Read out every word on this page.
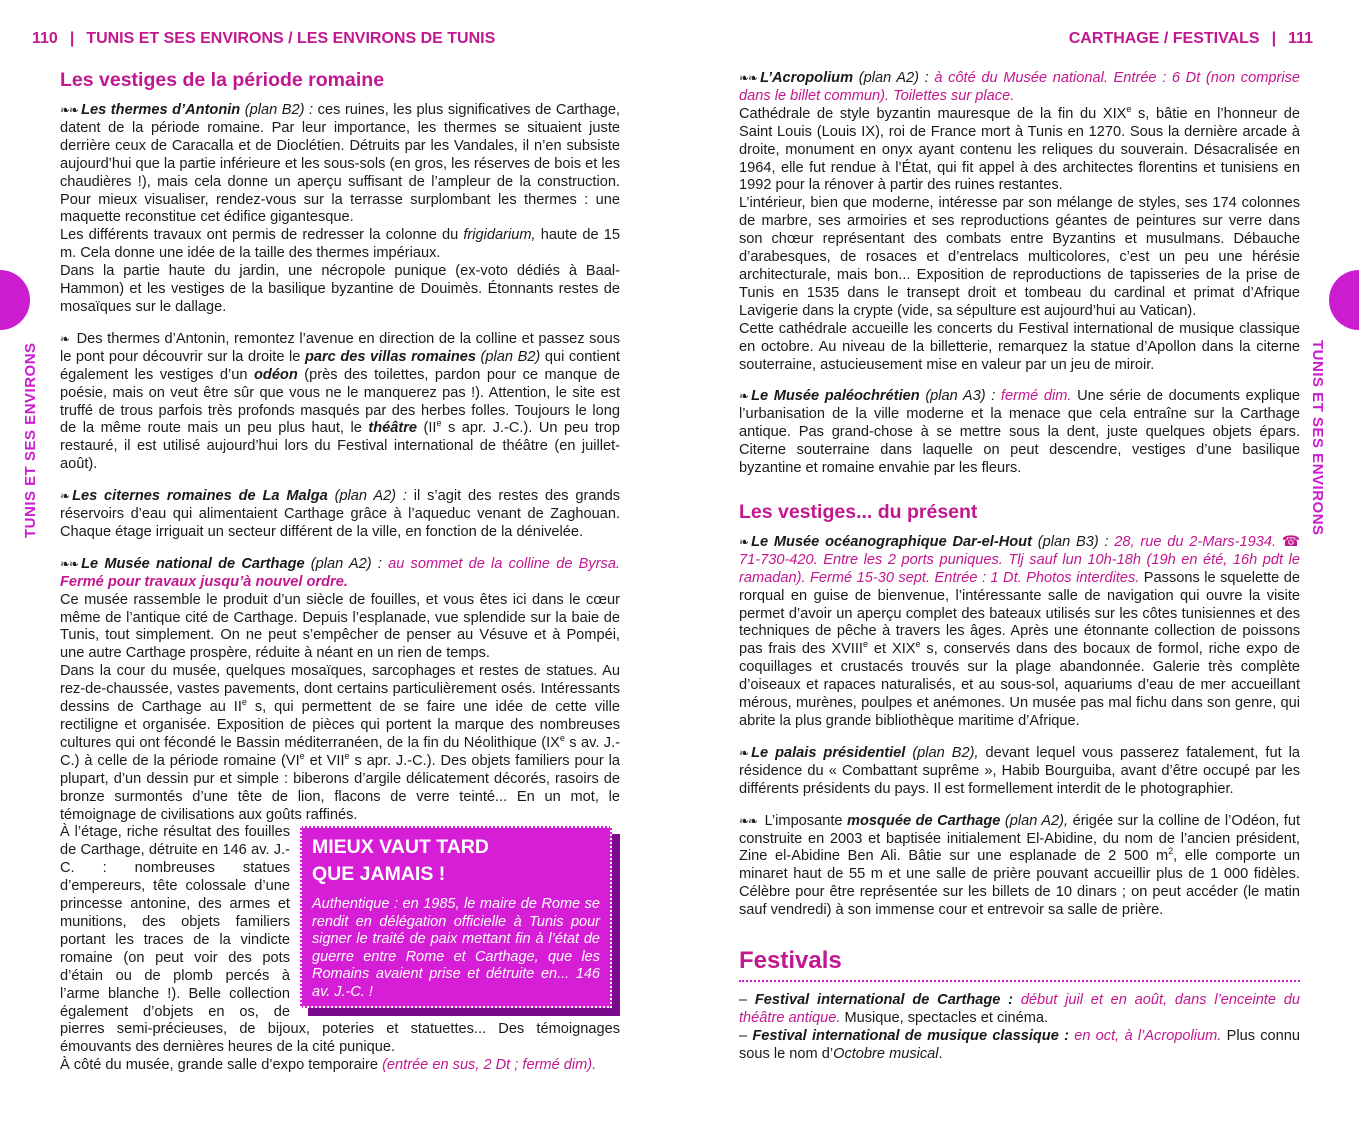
110 | TUNIS ET SES ENVIRONS / LES ENVIRONS DE TUNIS	CARTHAGE / FESTIVALS | 111
TUNIS ET SES ENVIRONS	TUNIS ET SES ENVIRONS
Les vestiges de la période romaine

❧❧ Les thermes d’Antonin (plan B2) : ces ruines, les plus significatives de Carthage, datent de la période romaine. Par leur importance, les thermes se situaient juste derrière ceux de Caracalla et de Dioclétien. Détruits par les Vandales, il n’en subsiste aujourd’hui que la partie inférieure et les sous-sols (en gros, les réserves de bois et les chaudières !), mais cela donne un aperçu suffisant de l’ampleur de la construction. Pour mieux visualiser, rendez-vous sur la terrasse surplombant les thermes : une maquette reconstitue cet édifice gigantesque.

Les différents travaux ont permis de redresser la colonne du frigidarium, haute de 15 m. Cela donne une idée de la taille des thermes impériaux.

Dans la partie haute du jardin, une nécropole punique (ex-voto dédiés à Baal-Hammon) et les vestiges de la basilique byzantine de Douimès. Étonnants restes de mosaïques sur le dallage.

❧ Des thermes d’Antonin, remontez l’avenue en direction de la colline et passez sous le pont pour découvrir sur la droite le parc des villas romaines (plan B2) qui contient également les vestiges d’un odéon (près des toilettes, pardon pour ce manque de poésie, mais on veut être sûr que vous ne le manquerez pas !). Attention, le site est truffé de trous parfois très profonds masqués par des herbes folles. Toujours le long de la même route mais un peu plus haut, le théâtre (IIe s apr. J.-C.). Un peu trop restauré, il est utilisé aujourd’hui lors du Festival international de théâtre (en juillet-août).

❧ Les citernes romaines de La Malga (plan A2) : il s’agit des restes des grands réservoirs d’eau qui alimentaient Carthage grâce à l’aqueduc venant de Zaghouan. Chaque étage irriguait un secteur différent de la ville, en fonction de la dénivelée.

❧❧ Le Musée national de Carthage (plan A2) : au sommet de la colline de Byrsa. Fermé pour travaux jusqu’à nouvel ordre.

Ce musée rassemble le produit d’un siècle de fouilles, et vous êtes ici dans le cœur même de l’antique cité de Carthage. Depuis l’esplanade, vue splendide sur la baie de Tunis, tout simplement. On ne peut s’empêcher de penser au Vésuve et à Pompéi, une autre Carthage prospère, réduite à néant en un rien de temps.

Dans la cour du musée, quelques mosaïques, sarcophages et restes de statues. Au rez-de-chaussée, vastes pavements, dont certains particulièrement osés. Intéressants dessins de Carthage au IIe s, qui permettent de se faire une idée de cette ville rectiligne et organisée. Exposition de pièces qui portent la marque des nombreuses cultures qui ont fécondé le Bassin méditerranéen, de la fin du Néolithique (IXe s av. J.-C.) à celle de la période romaine (VIe et VIIe s apr. J.-C.). Des objets familiers pour la plupart, d’un dessin pur et simple : biberons d’argile délicatement décorés, rasoirs de bronze surmontés d’une tête de lion, flacons de verre teinté... En un mot, le témoignage de civilisations aux goûts raffinés.

MIEUX VAUT TARD
QUE JAMAIS !
Authentique : en 1985, le maire de Rome se rendit en délégation officielle à Tunis pour signer le traité de paix mettant fin à l’état de guerre entre Rome et Carthage, que les Romains avaient prise et détruite en... 146 av. J.-C. !

À l’étage, riche résultat des fouilles de Carthage, détruite en 146 av. J.-C. : nombreuses statues d’empereurs, tête colossale d’une princesse antonine, des armes et munitions, des objets familiers portant les traces de la vindicte romaine (on peut voir des pots d’étain ou de plomb percés à l’arme blanche !). Belle collection également d’objets en os, de pierres semi-précieuses, de bijoux, poteries et statuettes... Des témoignages émouvants des dernières heures de la cité punique.

À côté du musée, grande salle d’expo temporaire (entrée en sus, 2 Dt ; fermé dim).

❧❧ L’Acropolium (plan A2) : à côté du Musée national. Entrée : 6 Dt (non comprise dans le billet commun). Toilettes sur place.

Cathédrale de style byzantin mauresque de la fin du XIXe s, bâtie en l’honneur de Saint Louis (Louis IX), roi de France mort à Tunis en 1270. Sous la dernière arcade à droite, monument en onyx ayant contenu les reliques du souverain. Désacralisée en 1964, elle fut rendue à l’État, qui fit appel à des architectes florentins et tunisiens en 1992 pour la rénover à partir des ruines restantes.

L’intérieur, bien que moderne, intéresse par son mélange de styles, ses 174 colonnes de marbre, ses armoiries et ses reproductions géantes de peintures sur verre dans son chœur représentant des combats entre Byzantins et musulmans. Débauche d’arabesques, de rosaces et d’entrelacs multicolores, c’est un peu une hérésie architecturale, mais bon... Exposition de reproductions de tapisseries de la prise de Tunis en 1535 dans le transept droit et tombeau du cardinal et primat d’Afrique Lavigerie dans la crypte (vide, sa sépulture est aujourd’hui au Vatican).

Cette cathédrale accueille les concerts du Festival international de musique classique en octobre. Au niveau de la billetterie, remarquez la statue d’Apollon dans la citerne souterraine, astucieusement mise en valeur par un jeu de miroir.

❧ Le Musée paléochrétien (plan A3) : fermé dim. Une série de documents explique l’urbanisation de la ville moderne et la menace que cela entraîne sur la Carthage antique. Pas grand-chose à se mettre sous la dent, juste quelques objets épars. Citerne souterraine dans laquelle on peut descendre, vestiges d’une basilique byzantine et romaine envahie par les fleurs.

Les vestiges... du présent

❧ Le Musée océanographique Dar-el-Hout (plan B3) : 28, rue du 2-Mars-1934. ☎ 71-730-420. Entre les 2 ports puniques. Tlj sauf lun 10h-18h (19h en été, 16h pdt le ramadan). Fermé 15-30 sept. Entrée : 1 Dt. Photos interdites. Passons le squelette de rorqual en guise de bienvenue, l’intéressante salle de navigation qui ouvre la visite permet d’avoir un aperçu complet des bateaux utilisés sur les côtes tunisiennes et des techniques de pêche à travers les âges. Après une étonnante collection de poissons pas frais des XVIIIe et XIXe s, conservés dans des bocaux de formol, riche expo de coquillages et crustacés trouvés sur la plage abandonnée. Galerie très complète d’oiseaux et rapaces naturalisés, et au sous-sol, aquariums d’eau de mer accueillant mérous, murènes, poulpes et anémones. Un musée pas mal fichu dans son genre, qui abrite la plus grande bibliothèque maritime d’Afrique.

❧ Le palais présidentiel (plan B2), devant lequel vous passerez fatalement, fut la résidence du « Combattant suprême », Habib Bourguiba, avant d’être occupé par les différents présidents du pays. Il est formellement interdit de le photographier.

❧❧ L’imposante mosquée de Carthage (plan A2), érigée sur la colline de l’Odéon, fut construite en 2003 et baptisée initialement El-Abidine, du nom de l’ancien président, Zine el-Abidine Ben Ali. Bâtie sur une esplanade de 2 500 $m^2$, elle comporte un minaret haut de 55 m et une salle de prière pouvant accueillir plus de 1 000 fidèles. Célèbre pour être représentée sur les billets de 10 dinars ; on peut accéder (le matin sauf vendredi) à son immense cour et entrevoir sa salle de prière.

Festivals

– Festival international de Carthage : début juil et en août, dans l’enceinte du théâtre antique. Musique, spectacles et cinéma.

– Festival international de musique classique : en oct, à l’Acropolium. Plus connu sous le nom d’Octobre musical.
